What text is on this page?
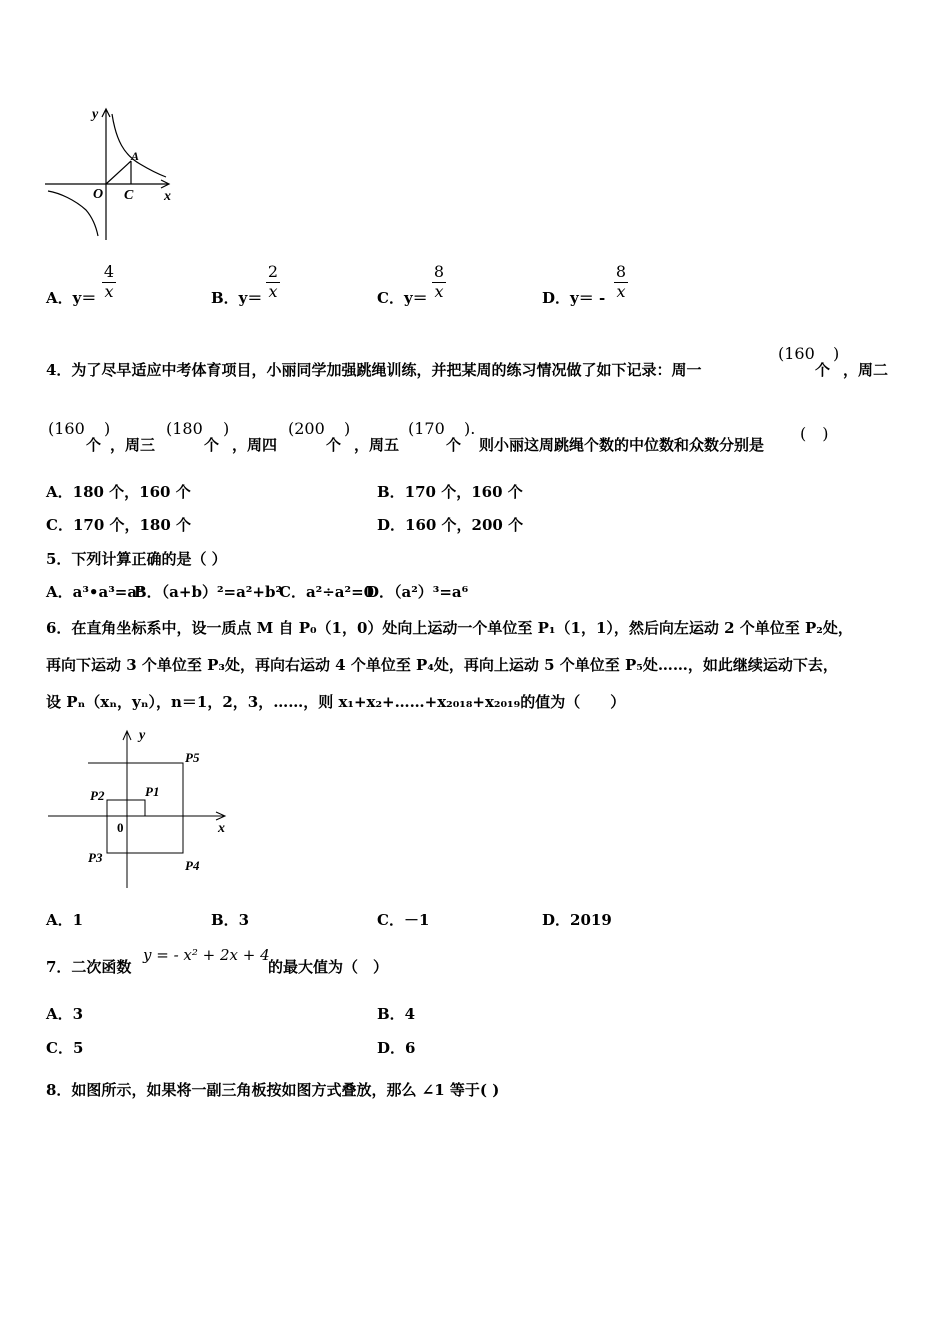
y
x
O C
A
A．y＝
4
x	B．y＝
2
x	C．y＝
8
x	D．y＝ -
8
x
4．为了尽早适应中考体育项目，小丽同学加强跳绳训练，并把某周的练习情况做了如下记录：周一
(160
个
)
，周二
(160
个
)
，周三
(180
个
)
，周四
(200
个
)
，周五
(170
个
).
则小丽这周跳绳个数的中位数和众数分别是
(　)
A．180 个，160 个	B．170 个，160 个
C．170 个，180 个	D．160 个，200 个
5．下列计算正确的是（ ）
A．a³•a³=a⁹
B．（a+b）²=a²+b²
C．a²÷a²=0
D．（a²）³=a⁶
6．在直角坐标系中，设一质点 M 自 P₀（1，0）处向上运动一个单位至 P₁（1，1），然后向左运动 2 个单位至 P₂处，
再向下运动 3 个单位至 P₃处，再向右运动 4 个单位至 P₄处，再向上运动 5 个单位至 P₅处……，如此继续运动下去，
设 Pₙ（xₙ，yₙ），n＝1，2，3，……，则 x₁+x₂+……+x₂₀₁₈+x₂₀₁₉的值为（　　）
y
x
0
P1
P2
P3
P4
P5
A．1	B．3	C．－1	D．2019
7．二次函数
y = - x² + 2x + 4
的最大值为（　）
A．3	B．4
C．5	D．6
8．如图所示，如果将一副三角板按如图方式叠放，那么 ∠1 等于( )
